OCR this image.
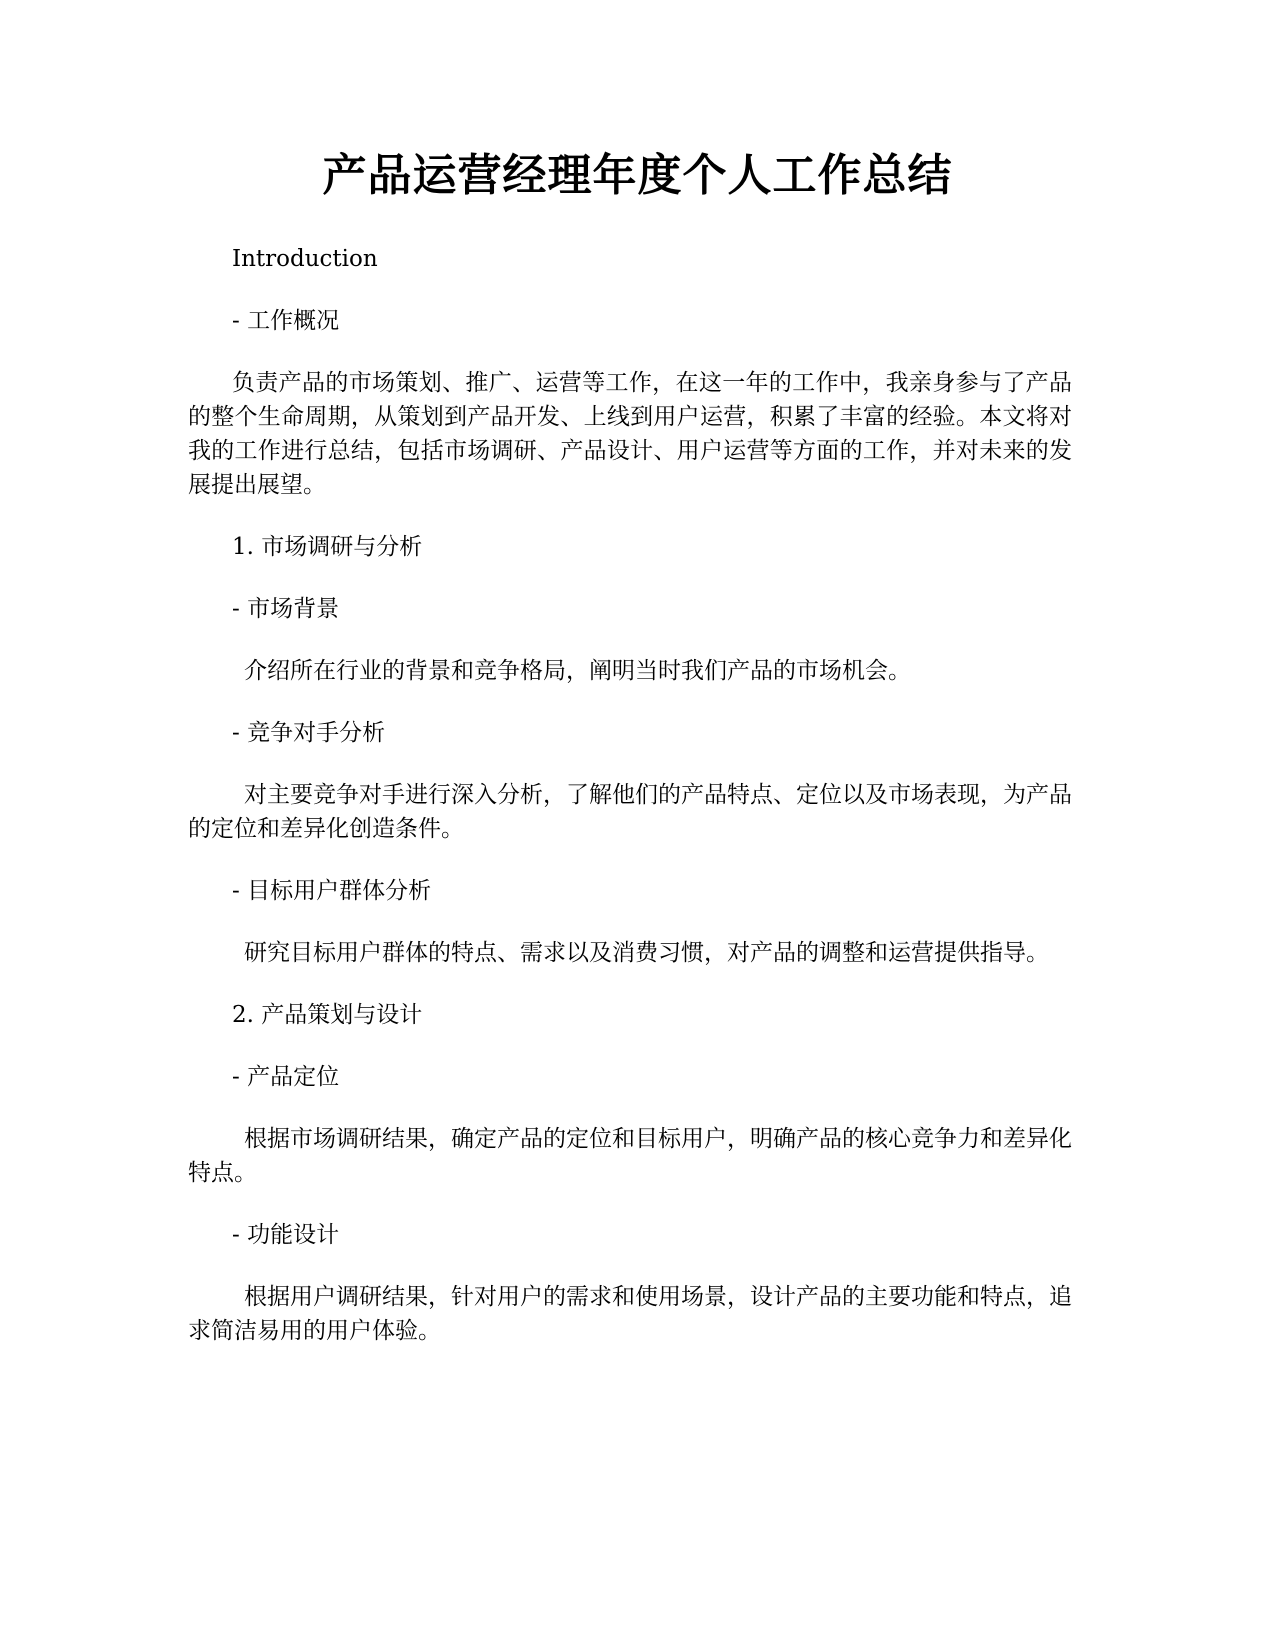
产品运营经理年度个人工作总结

Introduction

- 工作概况

负责产品的市场策划、推广、运营等工作，在这一年的工作中，我亲身参与了产品的整个生命周期，从策划到产品开发、上线到用户运营，积累了丰富的经验。本文将对我的工作进行总结，包括市场调研、产品设计、用户运营等方面的工作，并对未来的发展提出展望。

1. 市场调研与分析

- 市场背景

介绍所在行业的背景和竞争格局，阐明当时我们产品的市场机会。

- 竞争对手分析

对主要竞争对手进行深入分析，了解他们的产品特点、定位以及市场表现，为产品的定位和差异化创造条件。

- 目标用户群体分析

研究目标用户群体的特点、需求以及消费习惯，对产品的调整和运营提供指导。

2. 产品策划与设计

- 产品定位

根据市场调研结果，确定产品的定位和目标用户，明确产品的核心竞争力和差异化特点。

- 功能设计

根据用户调研结果，针对用户的需求和使用场景，设计产品的主要功能和特点，追求简洁易用的用户体验。
